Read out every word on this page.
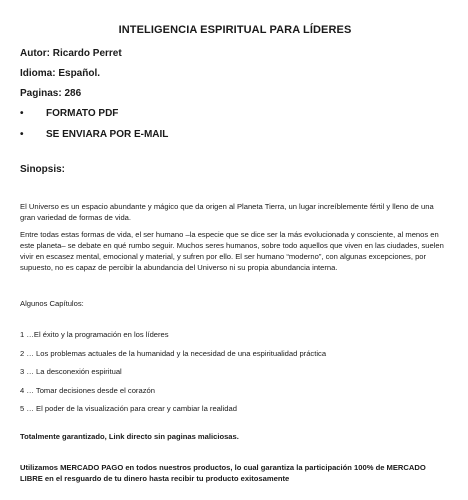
INTELIGENCIA ESPIRITUAL PARA LÍDERES
Autor: Ricardo Perret
Idioma: Español.
Paginas: 286
•	FORMATO PDF
•	SE ENVIARA POR E-MAIL
Sinopsis:

El Universo es un espacio abundante y mágico que da origen al Planeta Tierra, un lugar increíblemente fértil y lleno de una gran variedad de formas de vida.

Entre todas estas formas de vida, el ser humano –la especie que se dice ser la más evolucionada y consciente, al menos en este planeta– se debate en qué rumbo seguir. Muchos seres humanos, sobre todo aquellos que viven en las ciudades, suelen vivir en escasez mental, emocional y material, y sufren por ello. El ser humano “moderno”, con algunas excepciones, por supuesto, no es capaz de percibir la abundancia del Universo ni su propia abundancia interna.

Algunos Capítulos:
1 …El éxito y la programación en los líderes
2 … Los problemas actuales de la humanidad y la necesidad de una espiritualidad práctica
3 … La desconexión espiritual
4 … Tomar decisiones desde el corazón
5 … El poder de la visualización para crear y cambiar la realidad
Totalmente garantizado, Link directo sin paginas maliciosas.
Utilizamos MERCADO PAGO en todos nuestros productos, lo cual garantiza la participación 100% de MERCADO LIBRE en el resguardo de tu dinero hasta recibir tu producto exitosamente
